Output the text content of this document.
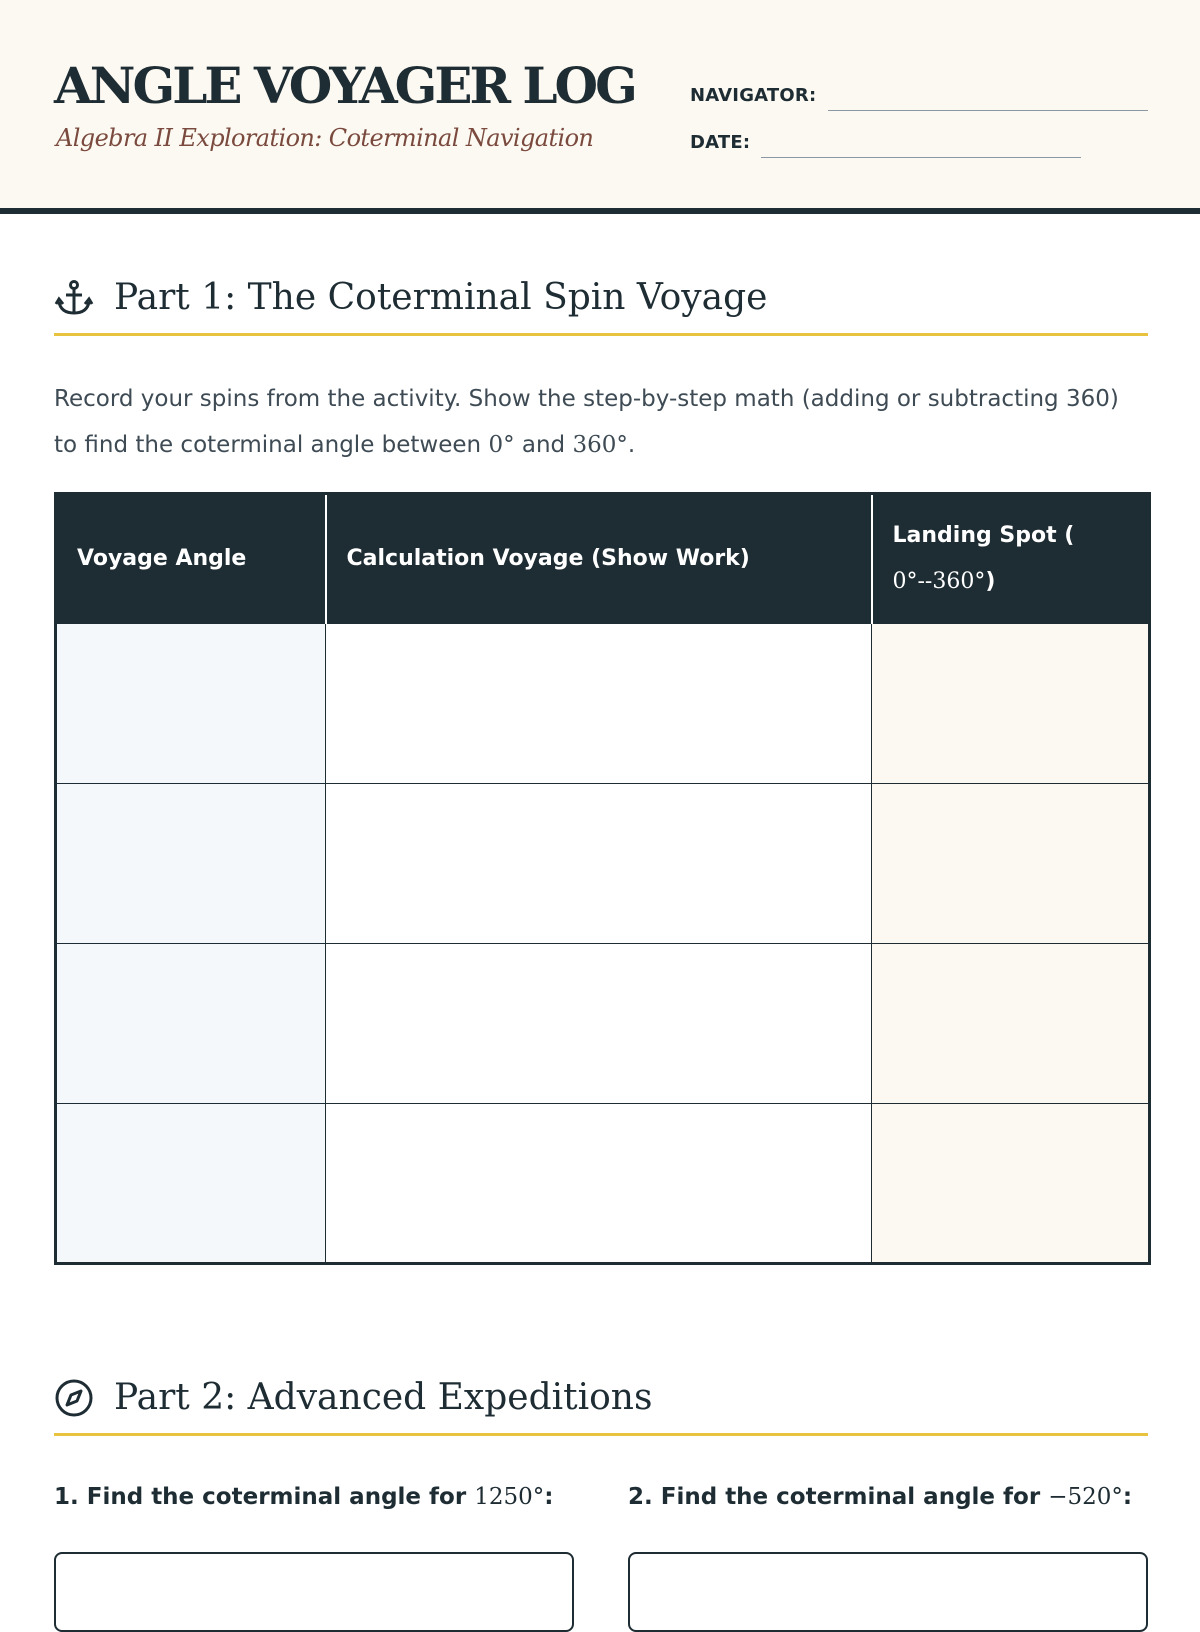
ANGLE VOYAGER LOG
Algebra II Exploration: Coterminal Navigation
NAVIGATOR:
DATE:
Part 1: The Coterminal Spin Voyage

Record your spins from the activity. Show the step-by-step math (adding or subtracting 360) to find the coterminal angle between 0° and 360°.

Voyage Angle	Calculation Voyage (Show Work)	Landing Spot (
0°--360°)

Part 2: Advanced Expeditions
1. Find the coterminal angle for 1250°:	2. Find the coterminal angle for −520°:
